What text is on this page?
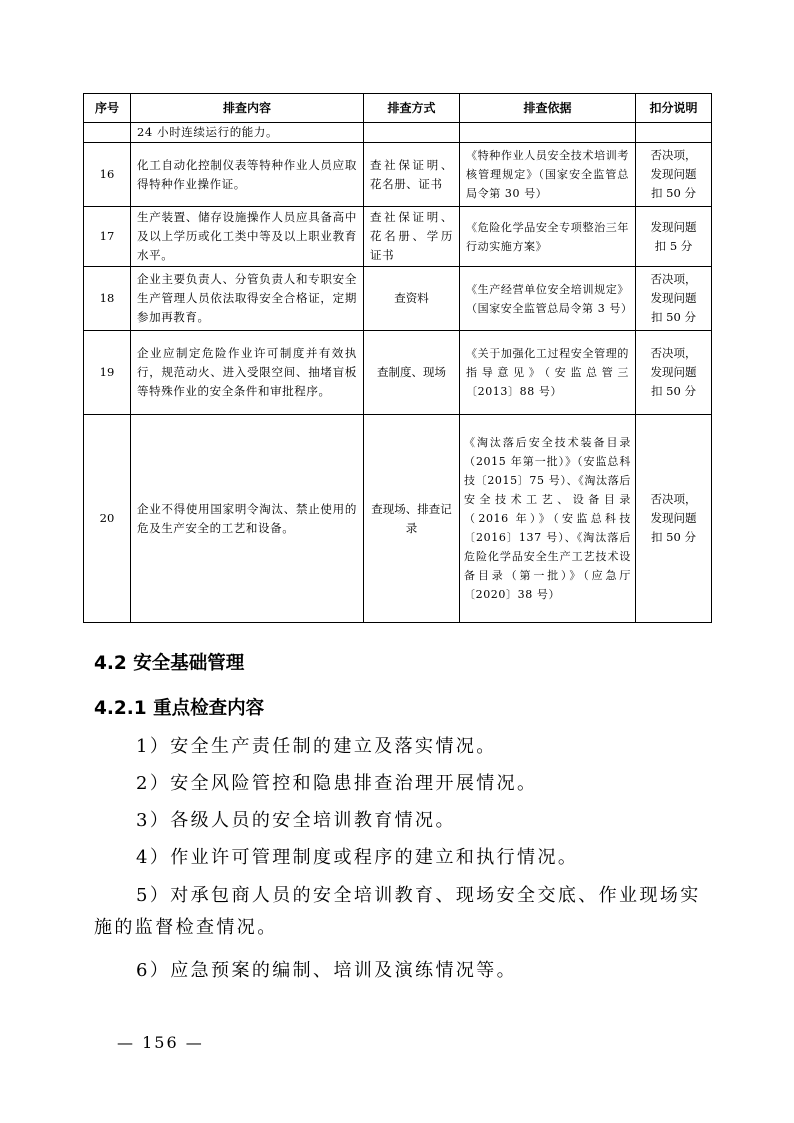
序号	排查内容	排查方式	排查依据	扣分说明
	24 小时连续运行的能力。			
16	化工自动化控制仪表等特种作业人员应取得特种作业操作证。	查社保证明、花名册、证书	《特种作业人员安全技术培训考核管理规定》（国家安全监管总局令第 30 号）	否决项，
发现问题
扣 50 分
17	生产装置、储存设施操作人员应具备高中及以上学历或化工类中等及以上职业教育水平。	查社保证明、花名册、学历证书	《危险化学品安全专项整治三年行动实施方案》	发现问题
扣 5 分
18	企业主要负责人、分管负责人和专职安全生产管理人员依法取得安全合格证，定期参加再教育。	查资料	《生产经营单位安全培训规定》（国家安全监管总局令第 3 号）	否决项，
发现问题
扣 50 分
19	企业应制定危险作业许可制度并有效执行，规范动火、进入受限空间、抽堵盲板等特殊作业的安全条件和审批程序。	查制度、现场	《关于加强化工过程安全管理的指导意见》（安监总管三〔2013〕88 号）	否决项，
发现问题
扣 50 分
20	企业不得使用国家明令淘汰、禁止使用的危及生产安全的工艺和设备。	查现场、排查记录	《淘汰落后安全技术装备目录（2015 年第一批）》（安监总科技〔2015〕75 号）、《淘汰落后安全技术工艺、设备目录（2016 年）》（安监总科技〔2016〕137 号）、《淘汰落后危险化学品安全生产工艺技术设备目录（第一批）》（应急厅〔2020〕38 号）	否决项，
发现问题
扣 50 分
4.2 安全基础管理
4.2.1 重点检查内容
1）安全生产责任制的建立及落实情况。
2）安全风险管控和隐患排查治理开展情况。
3）各级人员的安全培训教育情况。
4）作业许可管理制度或程序的建立和执行情况。
5）对承包商人员的安全培训教育、现场安全交底、作业现场实施的监督检查情况。
6）应急预案的编制、培训及演练情况等。
— 156 —
